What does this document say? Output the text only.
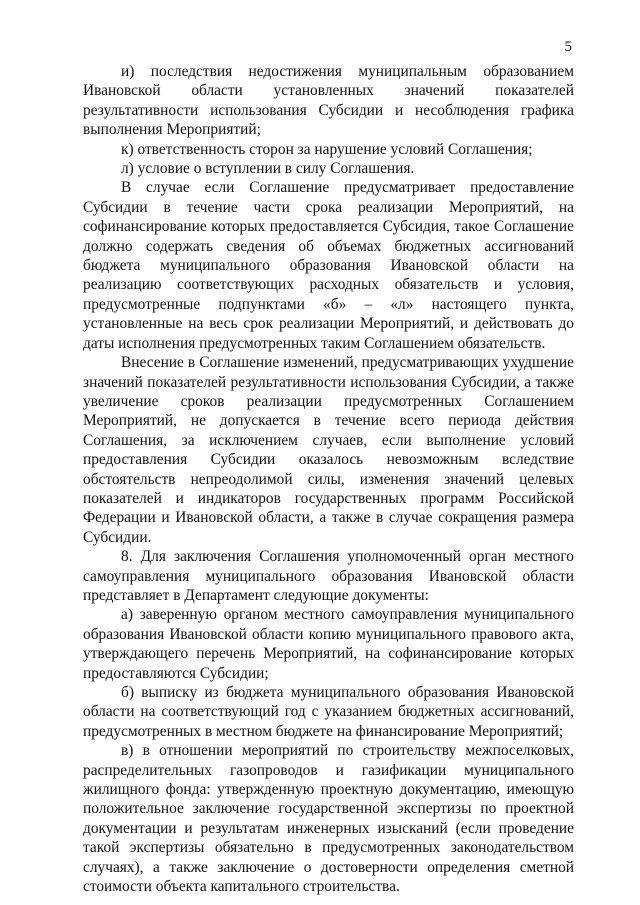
5

и) последствия недостижения муниципальным образованием Ивановской области установленных значений показателей результативности использования Субсидии и несоблюдения графика выполнения Мероприятий;

к) ответственность сторон за нарушение условий Соглашения;

л) условие о вступлении в силу Соглашения.

В случае если Соглашение предусматривает предоставление Субсидии в течение части срока реализации Мероприятий, на софинансирование которых предоставляется Субсидия, такое Соглашение должно содержать сведения об объемах бюджетных ассигнований бюджета муниципального образования Ивановской области на реализацию соответствующих расходных обязательств и условия, предусмотренные подпунктами «б» – «л» настоящего пункта, установленные на весь срок реализации Мероприятий, и действовать до даты исполнения предусмотренных таким Соглашением обязательств.

Внесение в Соглашение изменений, предусматривающих ухудшение значений показателей результативности использования Субсидии, а также увеличение сроков реализации предусмотренных Соглашением Мероприятий, не допускается в течение всего периода действия Соглашения, за исключением случаев, если выполнение условий предоставления Субсидии оказалось невозможным вследствие обстоятельств непреодолимой силы, изменения значений целевых показателей и индикаторов государственных программ Российской Федерации и Ивановской области, а также в случае сокращения размера Субсидии.

8. Для заключения Соглашения уполномоченный орган местного самоуправления муниципального образования Ивановской области представляет в Департамент следующие документы:

а) заверенную органом местного самоуправления муниципального образования Ивановской области копию муниципального правового акта, утверждающего перечень Мероприятий, на софинансирование которых предоставляются Субсидии;

б) выписку из бюджета муниципального образования Ивановской области на соответствующий год с указанием бюджетных ассигнований, предусмотренных в местном бюджете на финансирование Мероприятий;

в) в отношении мероприятий по строительству межпоселковых, распределительных газопроводов и газификации муниципального жилищного фонда: утвержденную проектную документацию, имеющую положительное заключение государственной экспертизы по проектной документации и результатам инженерных изысканий (если проведение такой экспертизы обязательно в предусмотренных законодательством случаях), а также заключение о достоверности определения сметной стоимости объекта капитального строительства.
